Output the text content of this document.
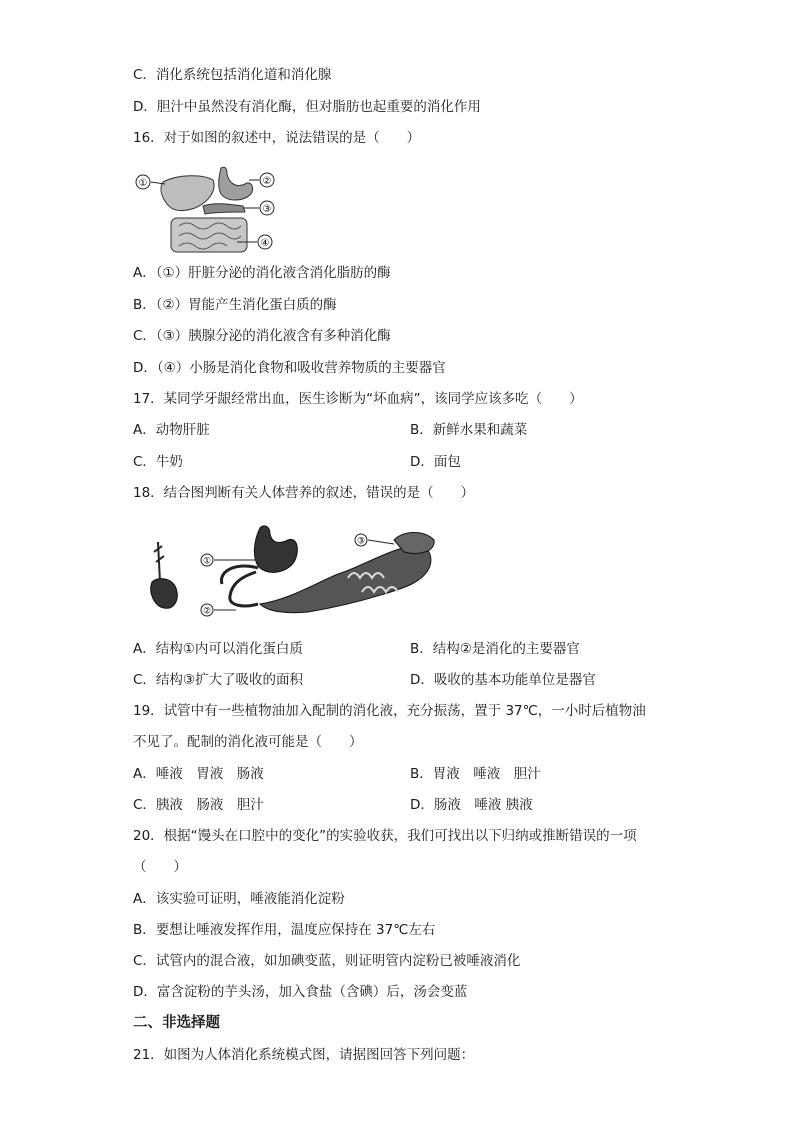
C．消化系统包括消化道和消化腺
D．胆汁中虽然没有消化酶，但对脂肪也起重要的消化作用
16．对于如图的叙述中，说法错误的是（　　）
①	②
③
④
A．（①）肝脏分泌的消化液含消化脂肪的酶
B．（②）胃能产生消化蛋白质的酶
C．（③）胰腺分泌的消化液含有多种消化酶
D．（④）小肠是消化食物和吸收营养物质的主要器官
17．某同学牙龈经常出血，医生诊断为“坏血病”，该同学应该多吃（　　）
A．动物肝脏	B．新鲜水果和蔬菜
C．牛奶	D．面包
18．结合图判断有关人体营养的叙述，错误的是（　　）
①
②
③
A．结构①内可以消化蛋白质	B．结构②是消化的主要器官
C．结构③扩大了吸收的面积	D．吸收的基本功能单位是器官
19．试管中有一些植物油加入配制的消化液，充分振荡，置于 37℃，一小时后植物油
不见了。配制的消化液可能是（　　）
A．唾液　胃液　肠液	B．胃液　唾液　胆汁
C．胰液　肠液　胆汁	D．肠液　唾液 胰液
20．根据“馒头在口腔中的变化”的实验收获，我们可找出以下归纳或推断错误的一项
（　　）
A．该实验可证明，唾液能消化淀粉
B．要想让唾液发挥作用，温度应保持在 37℃左右
C．试管内的混合液，如加碘变蓝，则证明管内淀粉已被唾液消化
D．富含淀粉的芋头汤，加入食盐（含碘）后，汤会变蓝
二、非选择题
21．如图为人体消化系统模式图，请据图回答下列问题：
